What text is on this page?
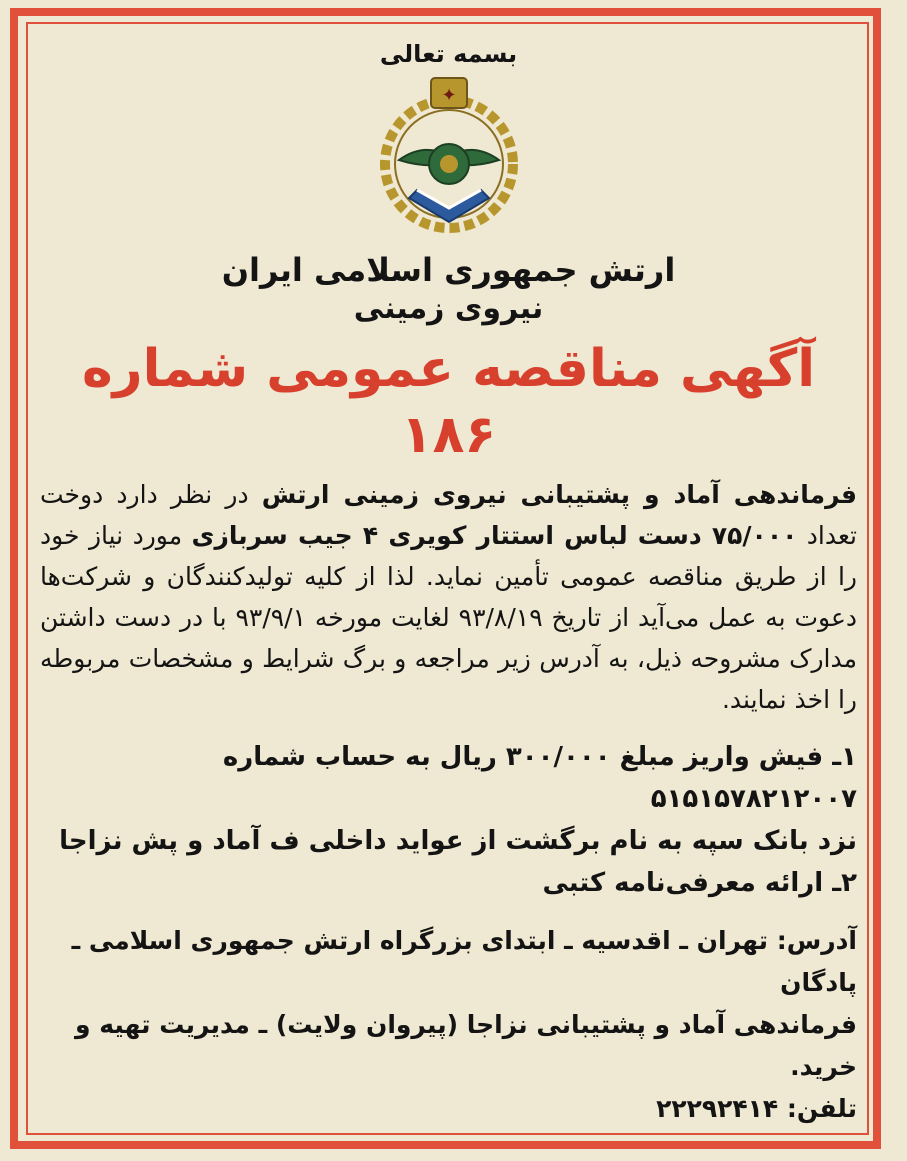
بسمه تعالی
✦
ارتش جمهوری اسلامی ایران
نیروی زمینی
آگهی مناقصه عمومی شماره ۱۸۶
فرماندهی آماد و پشتیبانی نیروی زمینی ارتش در نظر دارد دوخت تعداد ۷۵/۰۰۰ دست لباس استتار کویری ۴ جیب سربازی مورد نیاز خود را از طریق مناقصه عمومی تأمین نماید. لذا از کلیه تولیدکنندگان و شرکت‌ها دعوت به عمل می‌آید از تاریخ ۹۳/۸/۱۹ لغایت مورخه ۹۳/۹/۱ با در دست داشتن مدارک مشروحه ذیل، به آدرس زیر مراجعه و برگ شرایط و مشخصات مربوطه را اخذ نمایند.
۱ـ فیش واریز مبلغ ۳۰۰/۰۰۰ ریال به حساب شماره ۵۱۵۱۵۷۸۲۱۲۰۰۷
نزد بانک سپه به نام برگشت از عواید داخلی ف آماد و پش نزاجا
۲ـ ارائه معرفی‌نامه کتبی
آدرس: تهران ـ اقدسیه ـ ابتدای بزرگراه ارتش جمهوری اسلامی ـ پادگان
فرماندهی آماد و پشتیبانی نزاجا (پیروان ولایت) ـ مدیریت تهیه و خرید.
تلفن: ۲۲۲۹۲۴۱۴
